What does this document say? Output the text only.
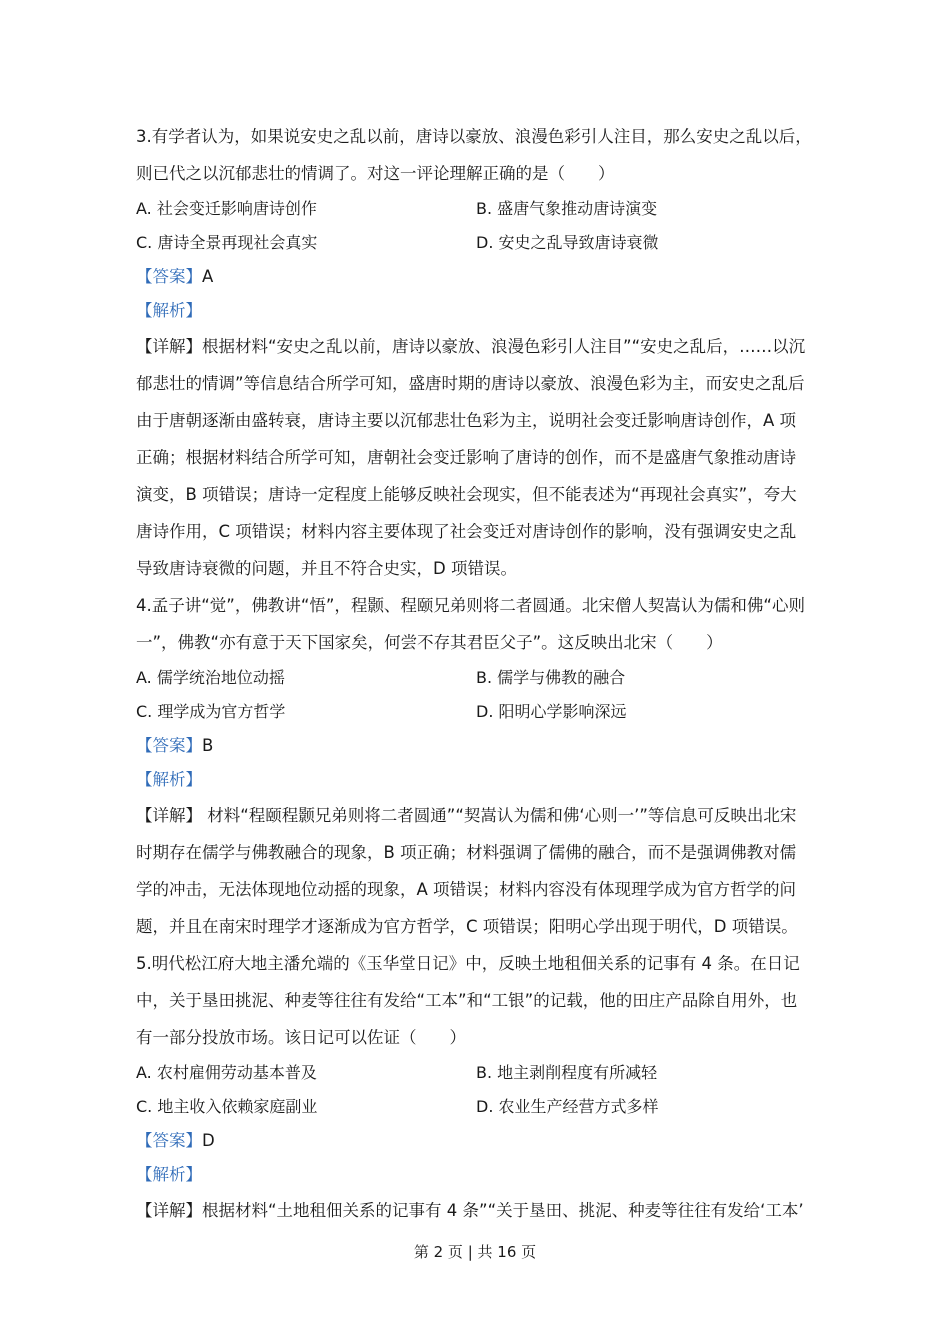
3.有学者认为，如果说安史之乱以前，唐诗以豪放、浪漫色彩引人注目，那么安史之乱以后，
则已代之以沉郁悲壮的情调了。对这一评论理解正确的是（　　）
A. 社会变迁影响唐诗创作	B. 盛唐气象推动唐诗演变
C. 唐诗全景再现社会真实	D. 安史之乱导致唐诗衰微
【答案】A
【解析】
【详解】根据材料“安史之乱以前，唐诗以豪放、浪漫色彩引人注目”“安史之乱后，……以沉
郁悲壮的情调”等信息结合所学可知，盛唐时期的唐诗以豪放、浪漫色彩为主，而安史之乱后
由于唐朝逐渐由盛转衰，唐诗主要以沉郁悲壮色彩为主，说明社会变迁影响唐诗创作，A 项
正确；根据材料结合所学可知，唐朝社会变迁影响了唐诗的创作，而不是盛唐气象推动唐诗
演变，B 项错误；唐诗一定程度上能够反映社会现实，但不能表述为“再现社会真实”，夸大
唐诗作用，C 项错误；材料内容主要体现了社会变迁对唐诗创作的影响，没有强调安史之乱
导致唐诗衰微的问题，并且不符合史实，D 项错误。
4.孟子讲“觉”，佛教讲“悟”，程颢、程颐兄弟则将二者圆通。北宋僧人契嵩认为儒和佛“心则
一”，佛教“亦有意于天下国家矣，何尝不存其君臣父子”。这反映出北宋（　　）
A. 儒学统治地位动摇	B. 儒学与佛教的融合
C. 理学成为官方哲学	D. 阳明心学影响深远
【答案】B
【解析】
【详解】 材料“程颐程颢兄弟则将二者圆通”“契嵩认为儒和佛‘心则一’”等信息可反映出北宋
时期存在儒学与佛教融合的现象，B 项正确；材料强调了儒佛的融合，而不是强调佛教对儒
学的冲击，无法体现地位动摇的现象，A 项错误；材料内容没有体现理学成为官方哲学的问
题，并且在南宋时理学才逐渐成为官方哲学，C 项错误；阳明心学出现于明代，D 项错误。
5.明代松江府大地主潘允端的《玉华堂日记》中，反映土地租佃关系的记事有 4 条。在日记
中，关于垦田挑泥、种麦等往往有发给“工本”和“工银”的记载，他的田庄产品除自用外，也
有一部分投放市场。该日记可以佐证（　　）
A. 农村雇佣劳动基本普及	B. 地主剥削程度有所减轻
C. 地主收入依赖家庭副业	D. 农业生产经营方式多样
【答案】D
【解析】
【详解】根据材料“土地租佃关系的记事有 4 条”“关于垦田、挑泥、种麦等往往有发给‘工本’
第 2 页 | 共 16 页
